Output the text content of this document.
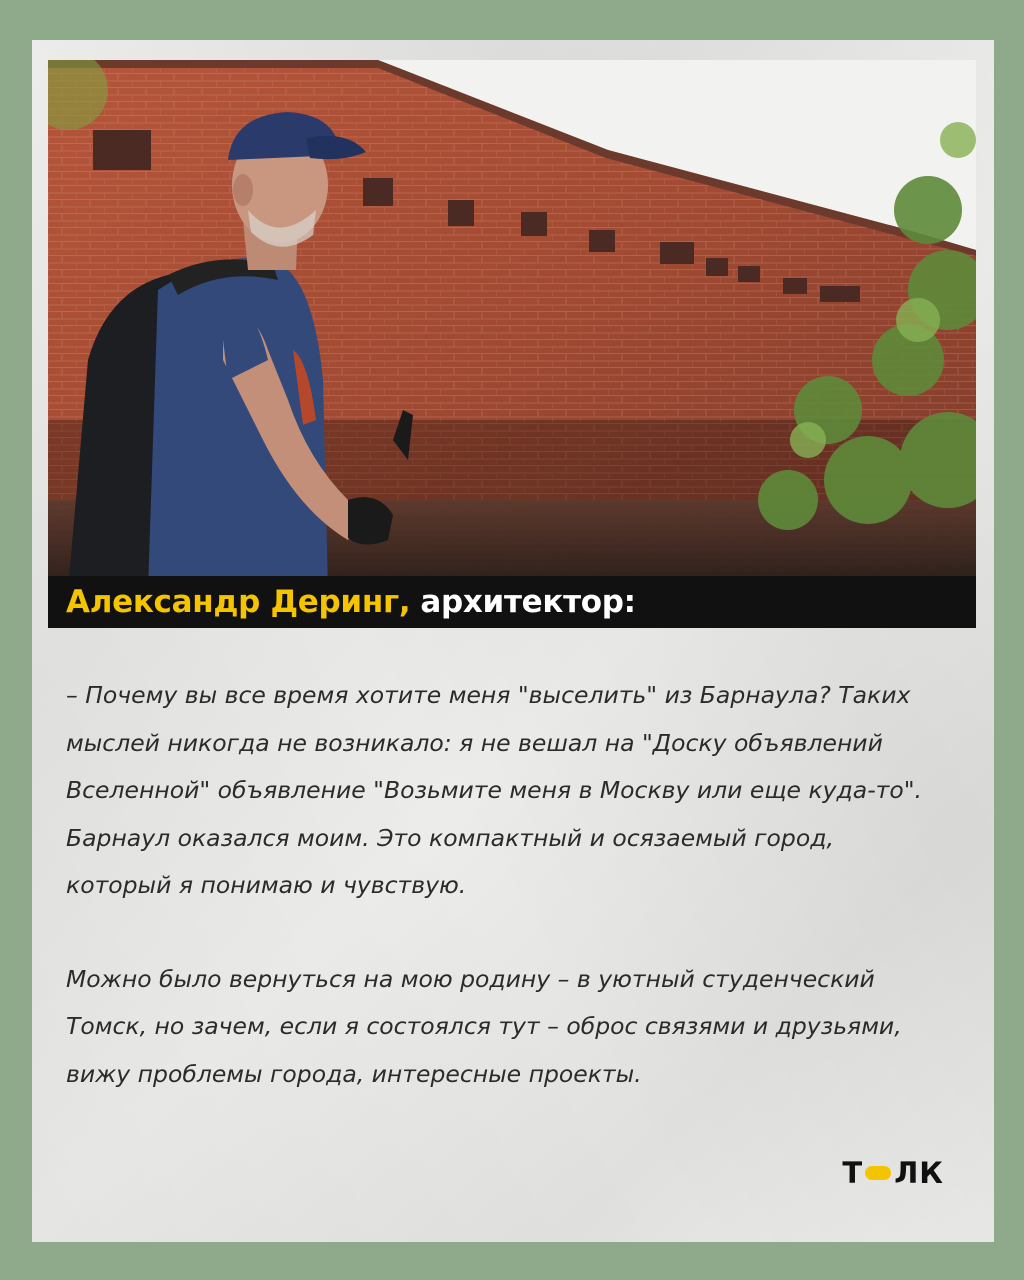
Александр Деринг, архитектор:

– Почему вы все время хотите меня "выселить" из Барнаула? Таких мыслей никогда не возникало: я не вешал на "Доску объявлений Вселенной" объявление "Возьмите меня в Москву или еще куда-то". Барнаул оказался моим. Это компактный и осязаемый город, который я понимаю и чувствую.

Можно было вернуться на мою родину – в уютный студенческий Томск, но зачем, если я состоялся тут – оброс связями и друзьями, вижу проблемы города, интересные проекты.

Т ЛК
